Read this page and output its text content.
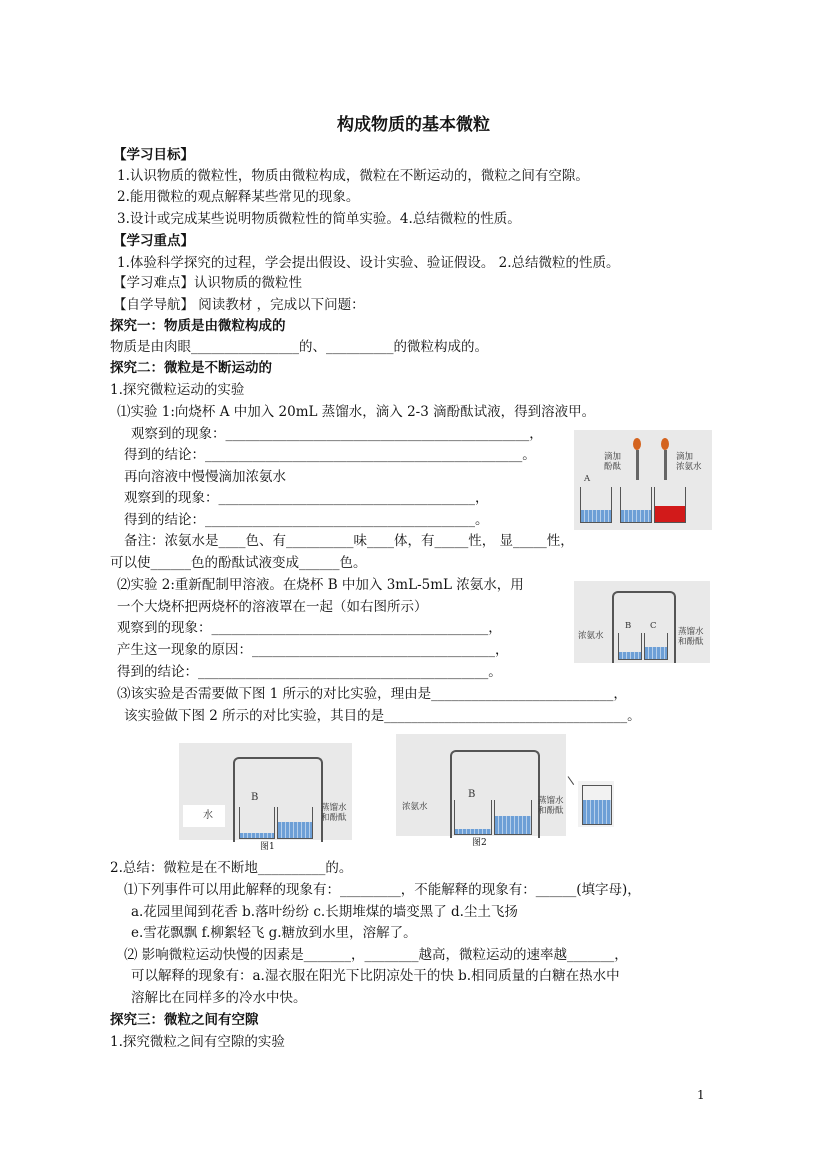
构成物质的基本微粒
【学习目标】
1.认识物质的微粒性，物质由微粒构成，微粒在不断运动的，微粒之间有空隙。
2.能用微粒的观点解释某些常见的现象。
3.设计或完成某些说明物质微粒性的简单实验。4.总结微粒的性质。
【学习重点】
1.体验科学探究的过程，学会提出假设、设计实验、验证假设。 2.总结微粒的性质。
【学习难点】认识物质的微粒性
【自学导航】 阅读教材 ，完成以下问题：
探究一：物质是由微粒构成的
物质是由肉眼________________的、__________的微粒构成的。
探究二：微粒是不断运动的
1.探究微粒运动的实验
⑴实验 1:向烧杯 A 中加入 20mL 蒸馏水，滴入 2-3 滴酚酞试液，得到溶液甲。
观察到的现象：_____________________________________________，
得到的结论：_______________________________________________。
再向溶液中慢慢滴加浓氨水
观察到的现象：______________________________________，
得到的结论：________________________________________。
备注：浓氨水是____色、有__________味____体，有_____性， 显_____性，
可以使______色的酚酞试液变成______色。
⑵实验 2:重新配制甲溶液。在烧杯 B 中加入 3mL-5mL 浓氨水，用
一个大烧杯把两烧杯的溶液罩在一起（如右图所示）
观察到的现象：_________________________________________，
产生这一现象的原因：____________________________________，
得到的结论：___________________________________________。
⑶该实验是否需要做下图 1 所示的对比实验，理由是___________________________，
该实验做下图 2 所示的对比实验，其目的是____________________________________。
2.总结：微粒是在不断地__________的。
⑴下列事件可以用此解释的现象有：_________，不能解释的现象有：______(填字母)，
a.花园里闻到花香 b.落叶纷纷 c.长期堆煤的墙变黑了 d.尘土飞扬
e.雪花飘飘 f.柳絮轻飞 g.糖放到水里，溶解了。
⑵ 影响微粒运动快慢的因素是_______，________越高，微粒运动的速率越_______，
可以解释的现象有：a.湿衣服在阳光下比阴凉处干的快 b.相同质量的白糖在热水中
溶解比在同样多的冷水中快。
探究三：微粒之间有空隙
1.探究微粒之间有空隙的实验
A
滴加
酚酞
滴加
浓氨水
浓氨水
B C
蒸馏水
和酚酞
B
蒸馏水
和酚酞
水
图1
浓氨水
B
蒸馏水
和酚酞
图2
1
